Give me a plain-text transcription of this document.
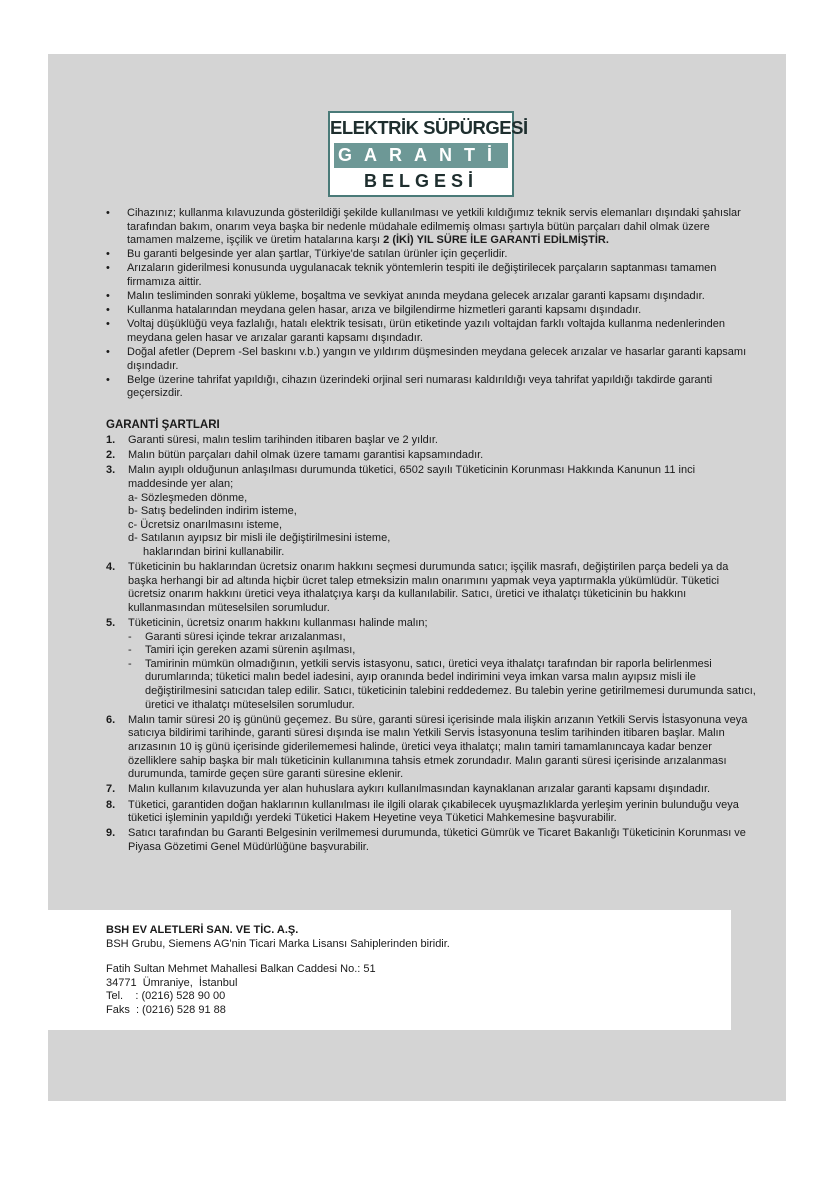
ELEKTRİK SÜPÜRGESİ
GARANTİ
BELGESİ
• Cihazınız; kullanma kılavuzunda gösterildiği şekilde kullanılması ve yetkili kıldığımız teknik servis elemanları dışındaki şahıslar tarafından bakım, onarım veya başka bir nedenle müdahale edilmemiş olması şartıyla bütün parçaları dahil olmak üzere tamamen malzeme, işçilik ve üretim hatalarına karşı 2 (İKİ) YIL SÜRE İLE GARANTİ EDİLMİŞTİR.
• Bu garanti belgesinde yer alan şartlar, Türkiye'de satılan ürünler için geçerlidir.
• Arızaların giderilmesi konusunda uygulanacak teknik yöntemlerin tespiti ile değiştirilecek parçaların saptanması tamamen firmamıza aittir.
• Malın tesliminden sonraki yükleme, boşaltma ve sevkiyat anında meydana gelecek arızalar garanti kapsamı dışındadır.
• Kullanma hatalarından meydana gelen hasar, arıza ve bilgilendirme hizmetleri garanti kapsamı dışındadır.
• Voltaj düşüklüğü veya fazlalığı, hatalı elektrik tesisatı, ürün etiketinde yazılı voltajdan farklı voltajda kullanma nedenlerinden meydana gelen hasar ve arızalar garanti kapsamı dışındadır.
• Doğal afetler (Deprem -Sel baskını v.b.) yangın ve yıldırım düşmesinden meydana gelecek arızalar ve hasarlar garanti kapsamı dışındadır.
• Belge üzerine tahrifat yapıldığı, cihazın üzerindeki orjinal seri numarası kaldırıldığı veya tahrifat yapıldığı takdirde garanti geçersizdir.
GARANTİ ŞARTLARI
1. Garanti süresi, malın teslim tarihinden itibaren başlar ve 2 yıldır.
2. Malın bütün parçaları dahil olmak üzere tamamı garantisi kapsamındadır.
3. Malın ayıplı olduğunun anlaşılması durumunda tüketici, 6502 sayılı Tüketicinin Korunması Hakkında Kanunun 11 inci maddesinde yer alan;
a- Sözleşmeden dönme,
b- Satış bedelinden indirim isteme,
c- Ücretsiz onarılmasını isteme,
d- Satılanın ayıpsız bir misli ile değiştirilmesini isteme,
haklarından birini kullanabilir.
4. Tüketicinin bu haklarından ücretsiz onarım hakkını seçmesi durumunda satıcı; işçilik masrafı, değiştirilen parça bedeli ya da başka herhangi bir ad altında hiçbir ücret talep etmeksizin malın onarımını yapmak veya yaptırmakla yükümlüdür. Tüketici ücretsiz onarım hakkını üretici veya ithalatçıya karşı da kullanılabilir. Satıcı, üretici ve ithalatçı tüketicinin bu hakkını kullanmasından müteselsilen sorumludur.
5. Tüketicinin, ücretsiz onarım hakkını kullanması halinde malın;
- Garanti süresi içinde tekrar arızalanması,
- Tamiri için gereken azami sürenin aşılması,
- Tamirinin mümkün olmadığının, yetkili servis istasyonu, satıcı, üretici veya ithalatçı tarafından bir raporla belirlenmesi durumlarında; tüketici malın bedel iadesini, ayıp oranında bedel indirimini veya imkan varsa malın ayıpsız misli ile değiştirilmesini satıcıdan talep edilir. Satıcı, tüketicinin talebini reddedemez. Bu talebin yerine getirilmemesi durumunda satıcı, üretici ve ithalatçı müteselsilen sorumludur.
6. Malın tamir süresi 20 iş gününü geçemez. Bu süre, garanti süresi içerisinde mala ilişkin arızanın Yetkili Servis İstasyonuna veya satıcıya bildirimi tarihinde, garanti süresi dışında ise malın Yetkili Servis İstasyonuna teslim tarihinden itibaren başlar. Malın arızasının 10 iş günü içerisinde giderilememesi halinde, üretici veya ithalatçı; malın tamiri tamamlanıncaya kadar benzer özelliklere sahip başka bir malı tüketicinin kullanımına tahsis etmek zorundadır. Malın garanti süresi içerisinde arızalanması durumunda, tamirde geçen süre garanti süresine eklenir.
7. Malın kullanım kılavuzunda yer alan huhuslara aykırı kullanılmasından kaynaklanan arızalar garanti kapsamı dışındadır.
8. Tüketici, garantiden doğan haklarının kullanılması ile ilgili olarak çıkabilecek uyuşmazlıklarda yerleşim yerinin bulunduğu veya tüketici işleminin yapıldığı yerdeki Tüketici Hakem Heyetine veya Tüketici Mahkemesine başvurabilir.
9. Satıcı tarafından bu Garanti Belgesinin verilmemesi durumunda, tüketici Gümrük ve Ticaret Bakanlığı Tüketicinin Korunması ve Piyasa Gözetimi Genel Müdürlüğüne başvurabilir.
BSH EV ALETLERİ SAN. VE TİC. A.Ş.
BSH Grubu, Siemens AG'nin Ticari Marka Lisansı Sahiplerinden biridir.
Fatih Sultan Mehmet Mahallesi Balkan Caddesi No.: 51
34771  Ümraniye,  İstanbul
Tel.    : (0216) 528 90 00
Faks  : (0216) 528 91 88
